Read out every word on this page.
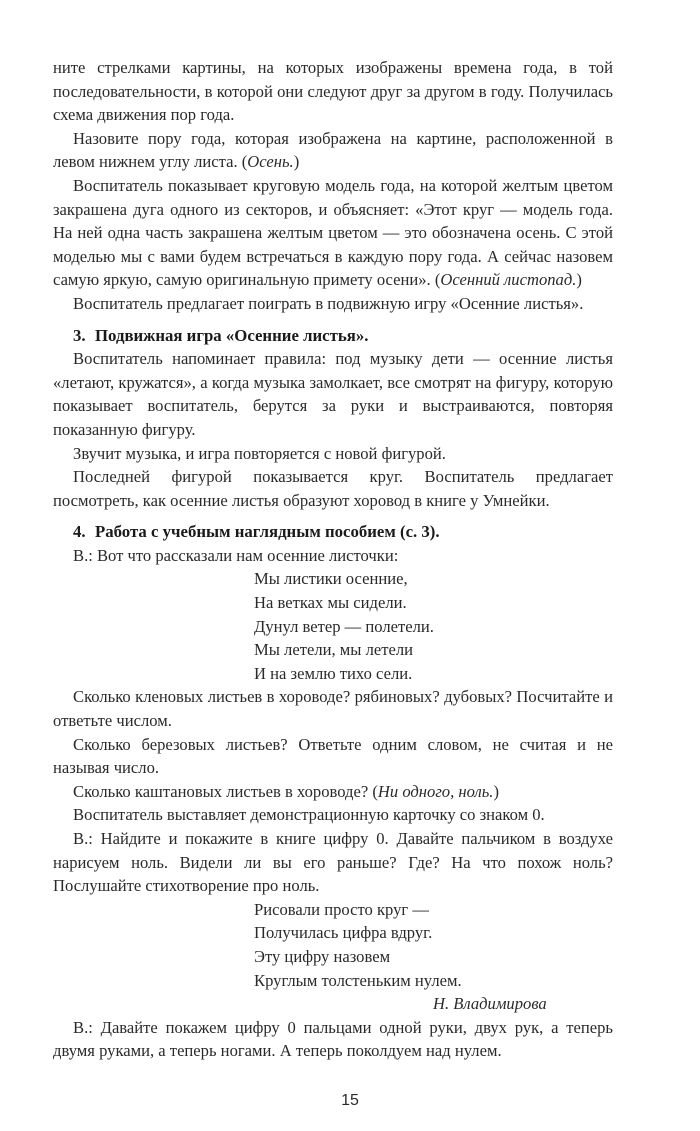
ните стрелками картины, на которых изображены времена года, в той последовательности, в которой они следуют друг за другом в году. Получилась схема движения пор года.

Назовите пору года, которая изображена на картине, расположенной в левом нижнем углу листа. (Осень.)

Воспитатель показывает круговую модель года, на которой желтым цветом закрашена дуга одного из секторов, и объясняет: «Этот круг — модель года. На ней одна часть закрашена желтым цветом — это обозначена осень. С этой моделью мы с вами будем встречаться в каждую пору года. А сейчас назовем самую яркую, самую оригинальную примету осени». (Осенний листопад.)

Воспитатель предлагает поиграть в подвижную игру «Осенние листья».

3. Подвижная игра «Осенние листья».

Воспитатель напоминает правила: под музыку дети — осенние листья «летают, кружатся», а когда музыка замолкает, все смотрят на фигуру, которую показывает воспитатель, берутся за руки и выстраиваются, повторяя показанную фигуру.

Звучит музыка, и игра повторяется с новой фигурой.

Последней фигурой показывается круг. Воспитатель предлагает посмотреть, как осенние листья образуют хоровод в книге у Умнейки.

4. Работа с учебным наглядным пособием (с. 3).

В.: Вот что рассказали нам осенние листочки:

Мы листики осенние,
На ветках мы сидели.
Дунул ветер — полетели.
Мы летели, мы летели
И на землю тихо сели.

Сколько кленовых листьев в хороводе? рябиновых? дубовых? Посчитайте и ответьте числом.

Сколько березовых листьев? Ответьте одним словом, не считая и не называя число.

Сколько каштановых листьев в хороводе? (Ни одного, ноль.)

Воспитатель выставляет демонстрационную карточку со знаком 0.

В.: Найдите и покажите в книге цифру 0. Давайте пальчиком в воздухе нарисуем ноль. Видели ли вы его раньше? Где? На что похож ноль? Послушайте стихотворение про ноль.

Рисовали просто круг —
Получилась цифра вдруг.
Эту цифру назовем
Круглым толстеньким нулем.

Н. Владимирова

В.: Давайте покажем цифру 0 пальцами одной руки, двух рук, а теперь двумя руками, а теперь ногами. А теперь поколдуем над нулем.

15
